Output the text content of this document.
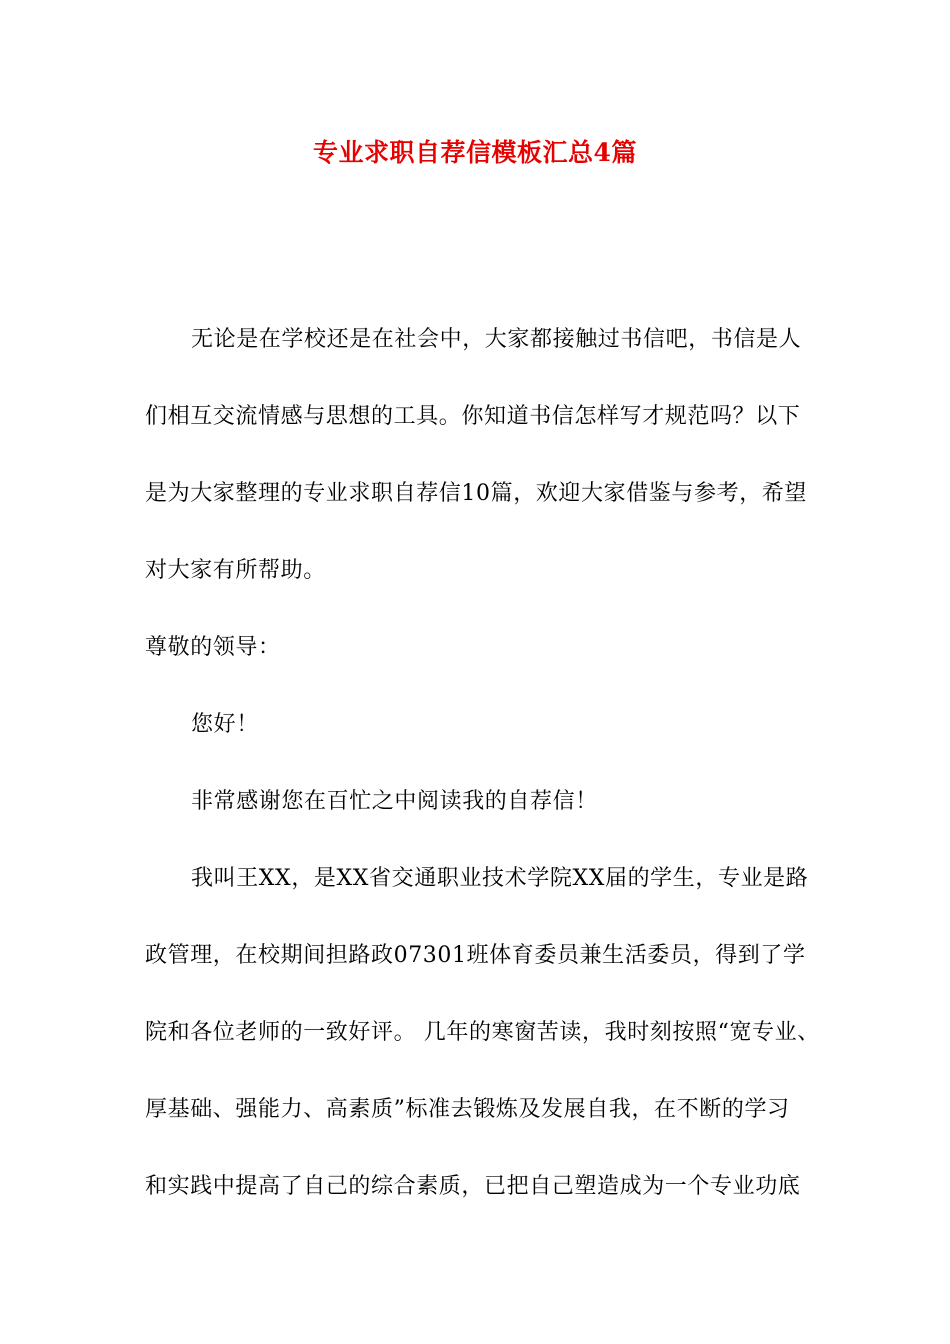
专业求职自荐信模板汇总4篇
无论是在学校还是在社会中，大家都接触过书信吧，书信是人
们相互交流情感与思想的工具。你知道书信怎样写才规范吗？以下
是为大家整理的专业求职自荐信10篇，欢迎大家借鉴与参考，希望
对大家有所帮助。
尊敬的领导：
您好！
非常感谢您在百忙之中阅读我的自荐信！
我叫王XX，是XX省交通职业技术学院XX届的学生，专业是路
政管理，在校期间担路政07301班体育委员兼生活委员，得到了学
院和各位老师的一致好评。 几年的寒窗苦读，我时刻按照“宽专业、
厚基础、强能力、高素质”标准去锻炼及发展自我，在不断的学习
和实践中提高了自己的综合素质，已把自己塑造成为一个专业功底
